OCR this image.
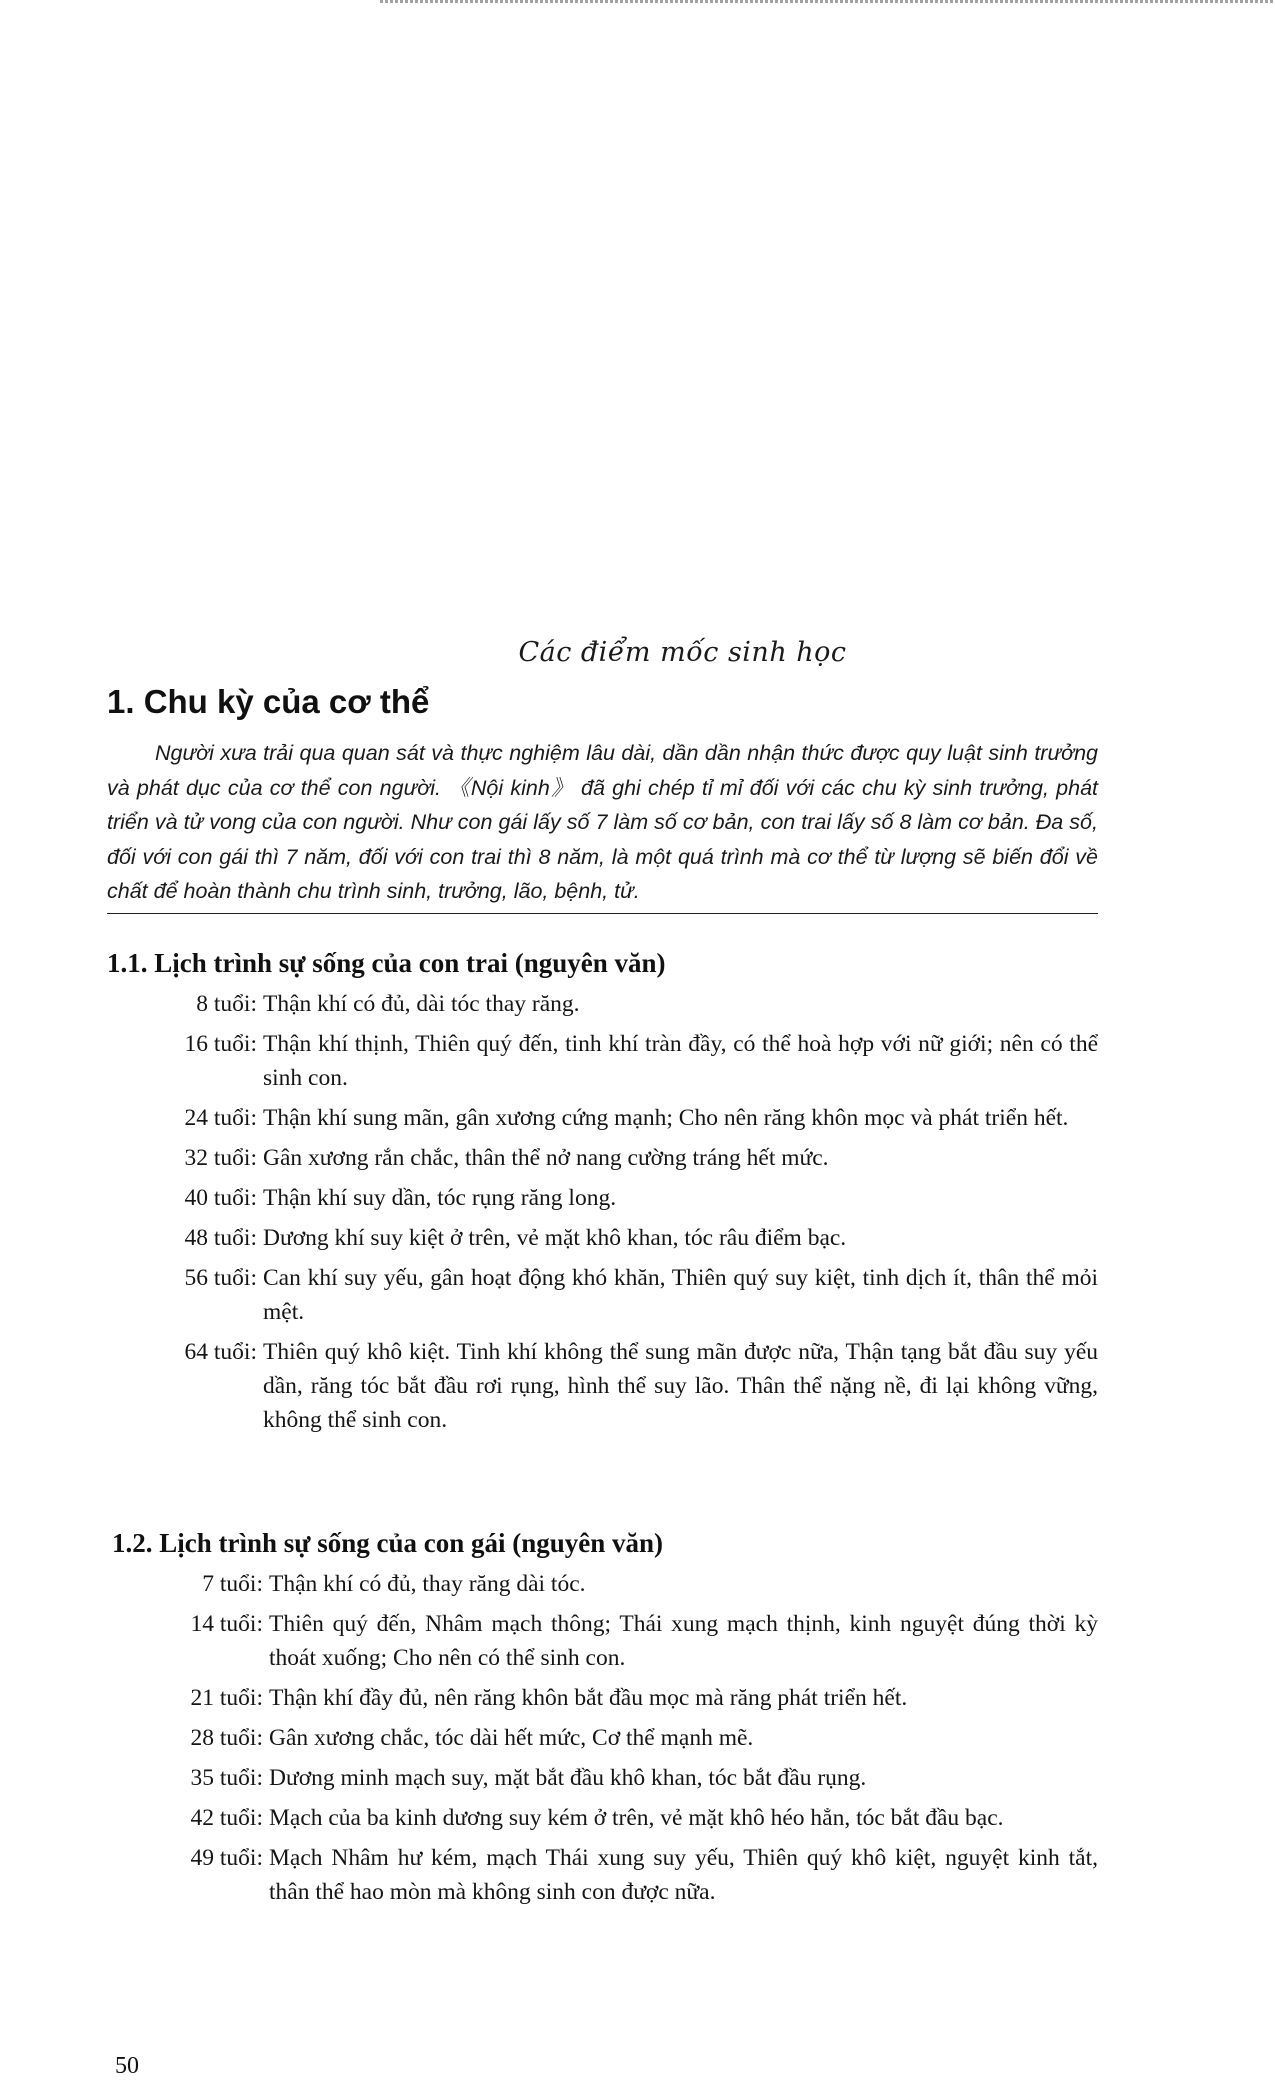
Các điểm mốc sinh học
1. Chu kỳ của cơ thể

Người xưa trải qua quan sát và thực nghiệm lâu dài, dần dần nhận thức được quy luật sinh trưởng và phát dục của cơ thể con người. 《Nội kinh》 đã ghi chép tỉ mỉ đối với các chu kỳ sinh trưởng, phát triển và tử vong của con người. Như con gái lấy số 7 làm số cơ bản, con trai lấy số 8 làm cơ bản. Đa số, đối với con gái thì 7 năm, đối với con trai thì 8 năm, là một quá trình mà cơ thể từ lượng sẽ biến đổi về chất để hoàn thành chu trình sinh, trưởng, lão, bệnh, tử.

1.1. Lịch trình sự sống của con trai (nguyên văn)
8 tuổi: Thận khí có đủ, dài tóc thay răng.
16 tuổi: Thận khí thịnh, Thiên quý đến, tinh khí tràn đầy, có thể hoà hợp với nữ giới; nên có thể sinh con.
24 tuổi: Thận khí sung mãn, gân xương cứng mạnh; Cho nên răng khôn mọc và phát triển hết.
32 tuổi: Gân xương rắn chắc, thân thể nở nang cường tráng hết mức.
40 tuổi: Thận khí suy dần, tóc rụng răng long.
48 tuổi: Dương khí suy kiệt ở trên, vẻ mặt khô khan, tóc râu điểm bạc.
56 tuổi: Can khí suy yếu, gân hoạt động khó khăn, Thiên quý suy kiệt, tinh dịch ít, thân thể mỏi mệt.
64 tuổi: Thiên quý khô kiệt. Tinh khí không thể sung mãn được nữa, Thận tạng bắt đầu suy yếu dần, răng tóc bắt đầu rơi rụng, hình thể suy lão. Thân thể nặng nề, đi lại không vững, không thể sinh con.
1.2. Lịch trình sự sống của con gái (nguyên văn)
7 tuổi: Thận khí có đủ, thay răng dài tóc.
14 tuổi: Thiên quý đến, Nhâm mạch thông; Thái xung mạch thịnh, kinh nguyệt đúng thời kỳ thoát xuống; Cho nên có thể sinh con.
21 tuổi: Thận khí đầy đủ, nên răng khôn bắt đầu mọc mà răng phát triển hết.
28 tuổi: Gân xương chắc, tóc dài hết mức, Cơ thể mạnh mẽ.
35 tuổi: Dương minh mạch suy, mặt bắt đầu khô khan, tóc bắt đầu rụng.
42 tuổi: Mạch của ba kinh dương suy kém ở trên, vẻ mặt khô héo hẳn, tóc bắt đầu bạc.
49 tuổi: Mạch Nhâm hư kém, mạch Thái xung suy yếu, Thiên quý khô kiệt, nguyệt kinh tắt, thân thể hao mòn mà không sinh con được nữa.
50
